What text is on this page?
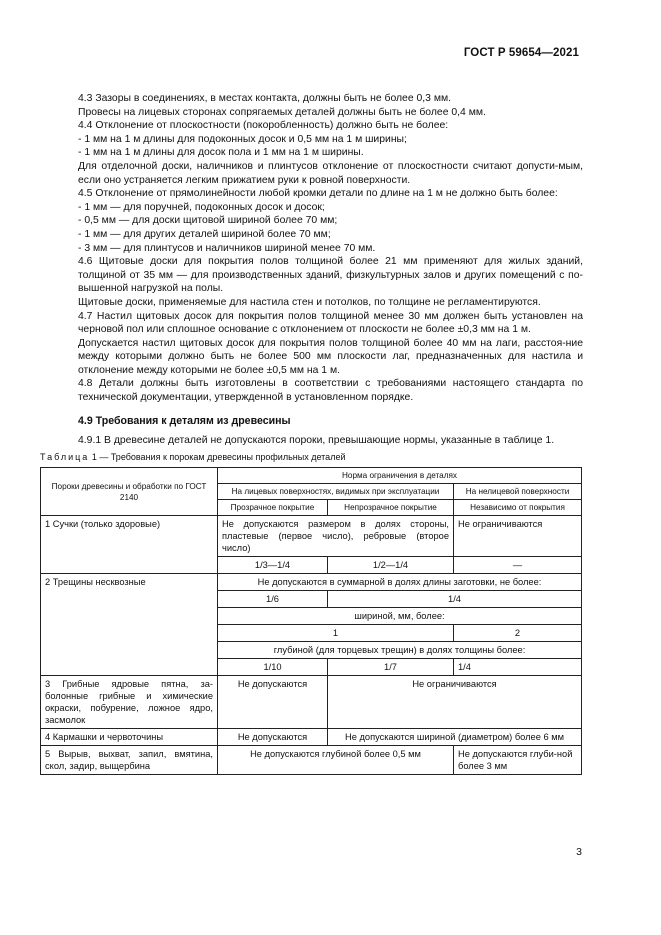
ГОСТ Р 59654—2021

4.3 Зазоры в соединениях, в местах контакта, должны быть не более 0,3 мм.

Провесы на лицевых сторонах сопрягаемых деталей должны быть не более 0,4 мм.

4.4 Отклонение от плоскостности (покоробленность) должно быть не более:

- 1 мм на 1 м длины для подоконных досок и 0,5 мм на 1 м ширины;

- 1 мм на 1 м длины для досок пола и 1 мм на 1 м ширины.

Для отделочной доски, наличников и плинтусов отклонение от плоскостности считают допусти-мым, если оно устраняется легким прижатием руки к ровной поверхности.

4.5 Отклонение от прямолинейности любой кромки детали по длине на 1 м не должно быть более:

- 1 мм — для поручней, подоконных досок и досок;

- 0,5 мм — для доски щитовой шириной более 70 мм;

- 1 мм — для других деталей шириной более 70 мм;

- 3 мм — для плинтусов и наличников шириной менее 70 мм.

4.6 Щитовые доски для покрытия полов толщиной более 21 мм применяют для жилых зданий, толщиной от 35 мм — для производственных зданий, физкультурных залов и других помещений с по-вышенной нагрузкой на полы.

Щитовые доски, применяемые для настила стен и потолков, по толщине не регламентируются.

4.7 Настил щитовых досок для покрытия полов толщиной менее 30 мм должен быть установлен на черновой пол или сплошное основание с отклонением от плоскости не более ±0,3 мм на 1 м.

Допускается настил щитовых досок для покрытия полов толщиной более 40 мм на лаги, расстоя-ние между которыми должно быть не более 500 мм плоскости лаг, предназначенных для настила и отклонение между которыми не более ±0,5 мм на 1 м.

4.8 Детали должны быть изготовлены в соответствии с требованиями настоящего стандарта по технической документации, утвержденной в установленном порядке.

4.9 Требования к деталям из древесины

4.9.1 В древесине деталей не допускаются пороки, превышающие нормы, указанные в таблице 1.

Таблица 1 — Требования к порокам древесины профильных деталей

Пороки древесины и обработки по ГОСТ 2140	Норма ограничения в деталях		
	На лицевых поверхностях, видимых при эксплуатации		На нелицевой поверхности
	Прозрачное покрытие	Непрозрачное покрытие	Независимо от покрытия
1 Сучки (только здоровые)	Не допускаются размером в долях стороны, пластевые (первое число), ребровые (второе число)		Не ограничиваются
	1/3—1/4	1/2—1/4	—
2 Трещины несквозные	Не допускаются в суммарной в долях длины заготовки, не более:		
	1/6	1/4	
	шириной, мм, более:		
	1		2
	глубиной (для торцевых трещин) в долях толщины более:		
	1/10	1/7	1/4
3 Грибные ядровые пятна, за-болонные грибные и химические окраски, побурение, ложное ядро, засмолок	Не допускаются	Не ограничиваются	
4 Кармашки и червоточины	Не допускаются	Не допускаются шириной (диаметром) более 6 мм	
5 Вырыв, выхват, запил, вмятина, скол, задир, выщербина	Не допускаются глубиной более 0,5 мм		Не допускаются глуби-ной более 3 мм
3
